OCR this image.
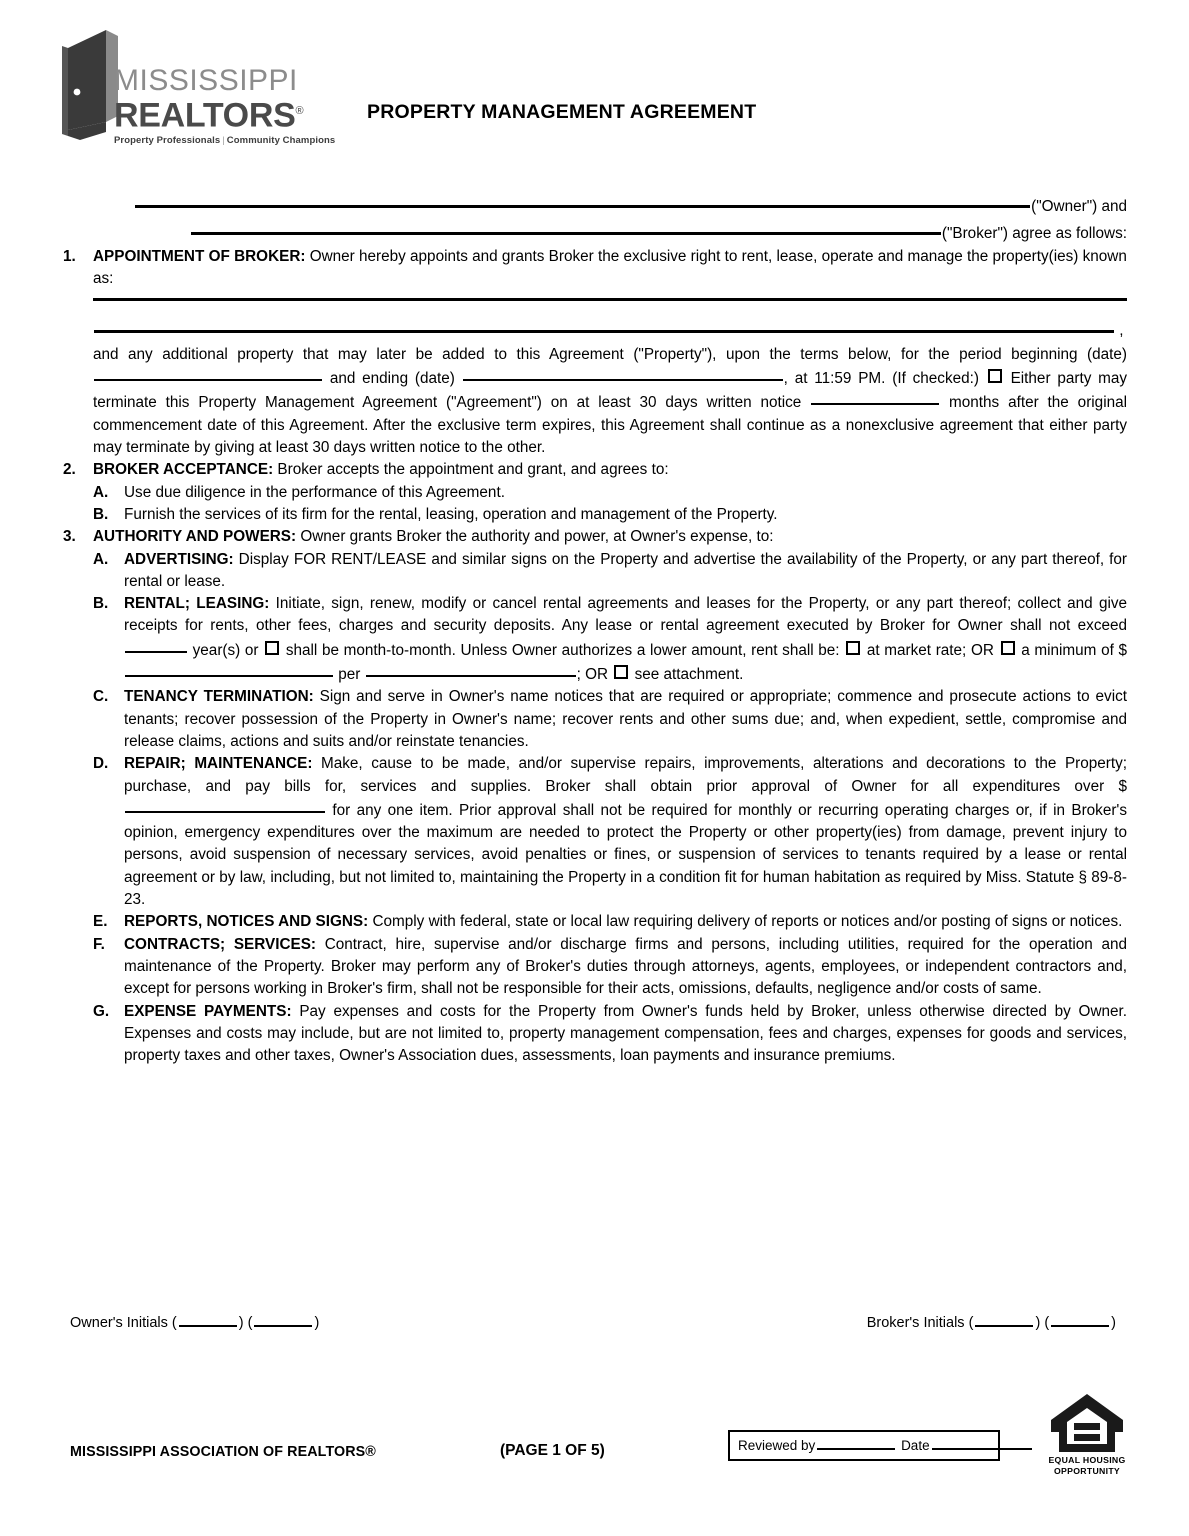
MISSISSIPPI
REALTORS®
Property Professionals | Community Champions
PROPERTY MANAGEMENT AGREEMENT
("Owner") and
("Broker") agree as follows:
1.	APPOINTMENT OF BROKER: Owner hereby appoints and grants Broker the exclusive right to rent, lease, operate and manage the property(ies) known as:
,
and any additional property that may later be added to this Agreement ("Property"), upon the terms below, for the period beginning (date)  and ending (date)	, at 11:59 PM. (If checked:) Either party may terminate this Property Management Agreement ("Agreement") on at least 30 days written notice	months after the original commencement date of this Agreement. After the exclusive term expires, this Agreement shall continue as a nonexclusive agreement that either party may terminate by giving at least 30 days written notice to the other.
2.	BROKER ACCEPTANCE: Broker accepts the appointment and grant, and agrees to:
A. Use due diligence in the performance of this Agreement.
B. Furnish the services of its firm for the rental, leasing, operation and management of the Property.
3.	AUTHORITY AND POWERS: Owner grants Broker the authority and power, at Owner's expense, to:
A. ADVERTISING: Display FOR RENT/LEASE and similar signs on the Property and advertise the availability of the Property, or any part thereof, for rental or lease.
B. RENTAL; LEASING: Initiate, sign, renew, modify or cancel rental agreements and leases for the Property, or any part thereof; collect and give receipts for rents, other fees, charges and security deposits. Any lease or rental agreement executed by Broker for Owner shall not exceed  year(s) or shall be month-to-month. Unless Owner authorizes a lower amount, rent shall be: at market rate; OR a minimum of $  per	; OR see attachment.
C. TENANCY TERMINATION: Sign and serve in Owner's name notices that are required or appropriate; commence and prosecute actions to evict tenants; recover possession of the Property in Owner's name; recover rents and other sums due; and, when expedient, settle, compromise and release claims, actions and suits and/or reinstate tenancies.
D. REPAIR; MAINTENANCE: Make, cause to be made, and/or supervise repairs, improvements, alterations and decorations to the Property; purchase, and pay bills for, services and supplies. Broker shall obtain prior approval of Owner for all expenditures over $  for any one item. Prior approval shall not be required for monthly or recurring operating charges or, if in Broker's opinion, emergency expenditures over the maximum are needed to protect the Property or other property(ies) from damage, prevent injury to persons, avoid suspension of necessary services, avoid penalties or fines, or suspension of services to tenants required by a lease or rental agreement or by law, including, but not limited to, maintaining the Property in a condition fit for human habitation as required by Miss. Statute § 89-8-23.
E. REPORTS, NOTICES AND SIGNS: Comply with federal, state or local law requiring delivery of reports or notices and/or posting of signs or notices.
F. CONTRACTS; SERVICES: Contract, hire, supervise and/or discharge firms and persons, including utilities, required for the operation and maintenance of the Property. Broker may perform any of Broker's duties through attorneys, agents, employees, or independent contractors and, except for persons working in Broker's firm, shall not be responsible for their acts, omissions, defaults, negligence and/or costs of same.
G. EXPENSE PAYMENTS: Pay expenses and costs for the Property from Owner's funds held by Broker, unless otherwise directed by Owner. Expenses and costs may include, but are not limited to, property management compensation, fees and charges, expenses for goods and services, property taxes and other taxes, Owner's Association dues, assessments, loan payments and insurance premiums.
Owner's Initials (	) (	)	Broker's Initials (	) (	)
MISSISSIPPI ASSOCIATION OF REALTORS®	(PAGE 1 OF 5)	Reviewed by	Date
EQUAL HOUSING
OPPORTUNITY
